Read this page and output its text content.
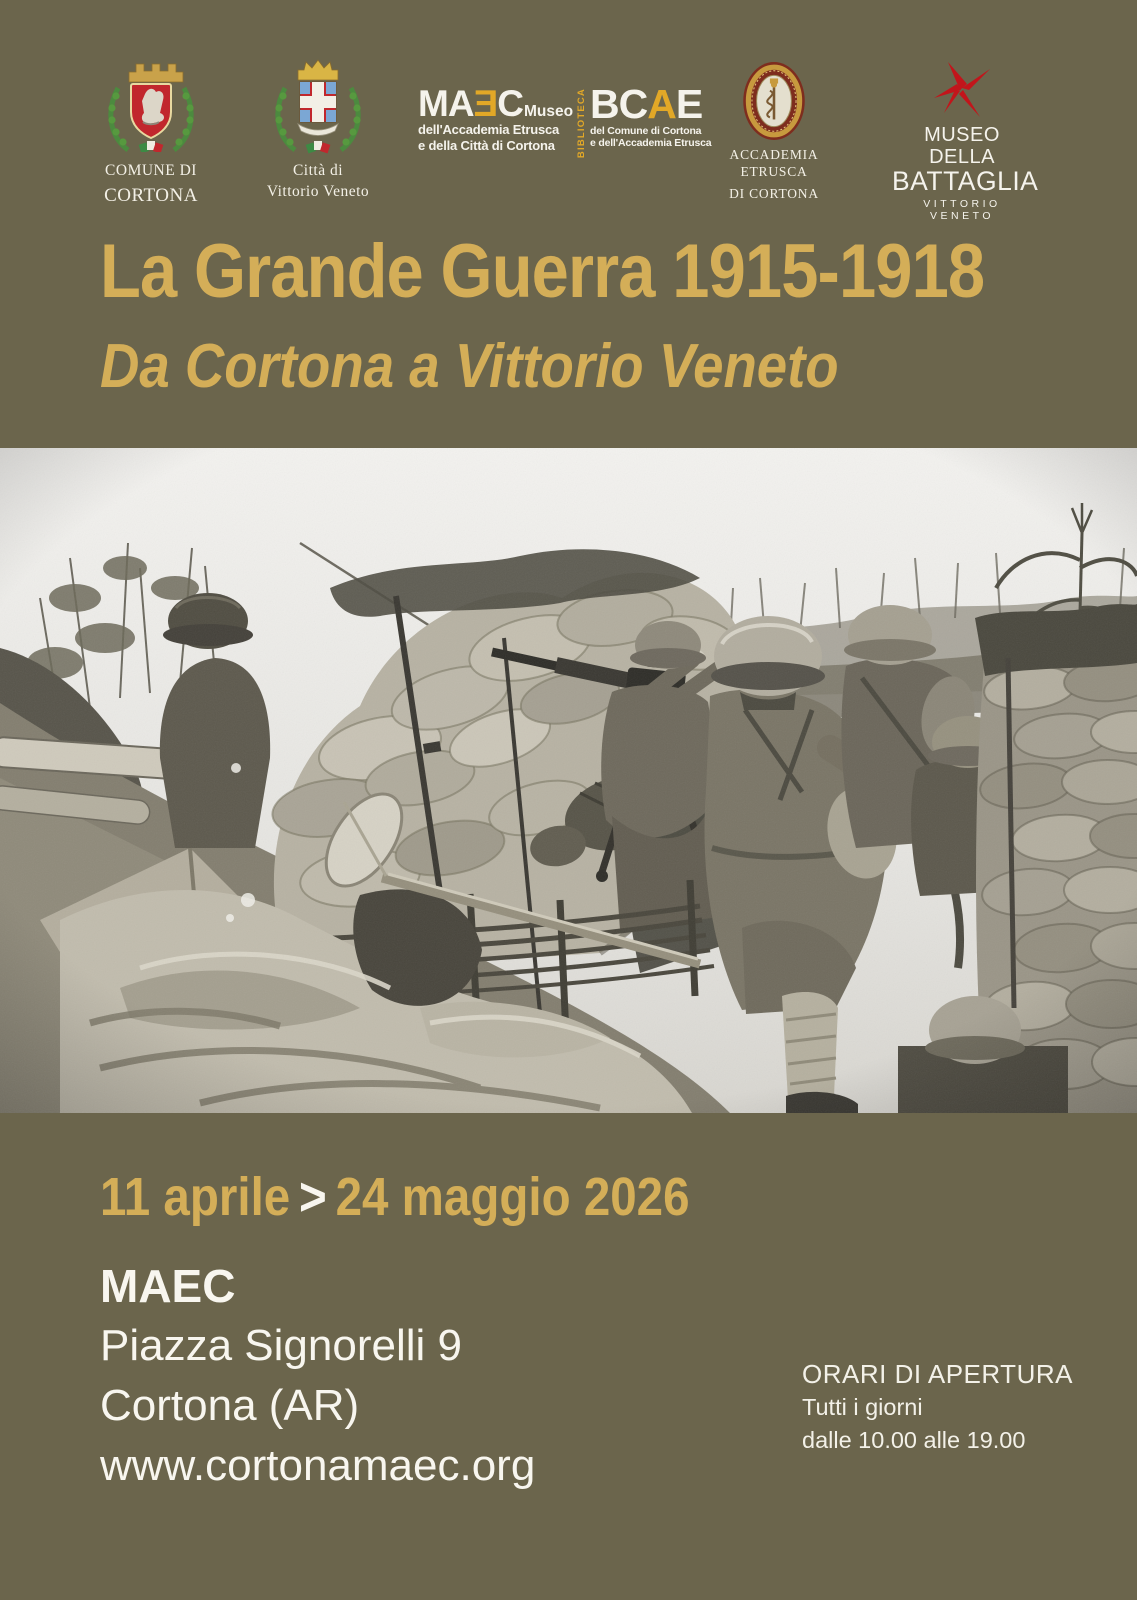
COMUNE DI
CORTONA
Città di
Vittorio Veneto
MAƎCMuseo
dell'Accademia Etrusca
e della Città di Cortona	BIBLIOTECA BCAE
del Comune di Cortona
e dell'Accademia Etrusca
ACCADEMIA ETRUSCA
DI CORTONA
MUSEO DELLA
BATTAGLIA
VITTORIO VENETO
La Grande Guerra 1915-1918 Da Cortona a Vittorio Veneto
11 aprile > 24 maggio 2026
MAEC
Piazza Signorelli 9
Cortona (AR)
www.cortonamaec.org
ORARI DI APERTURA
Tutti i giorni
dalle 10.00 alle 19.00
